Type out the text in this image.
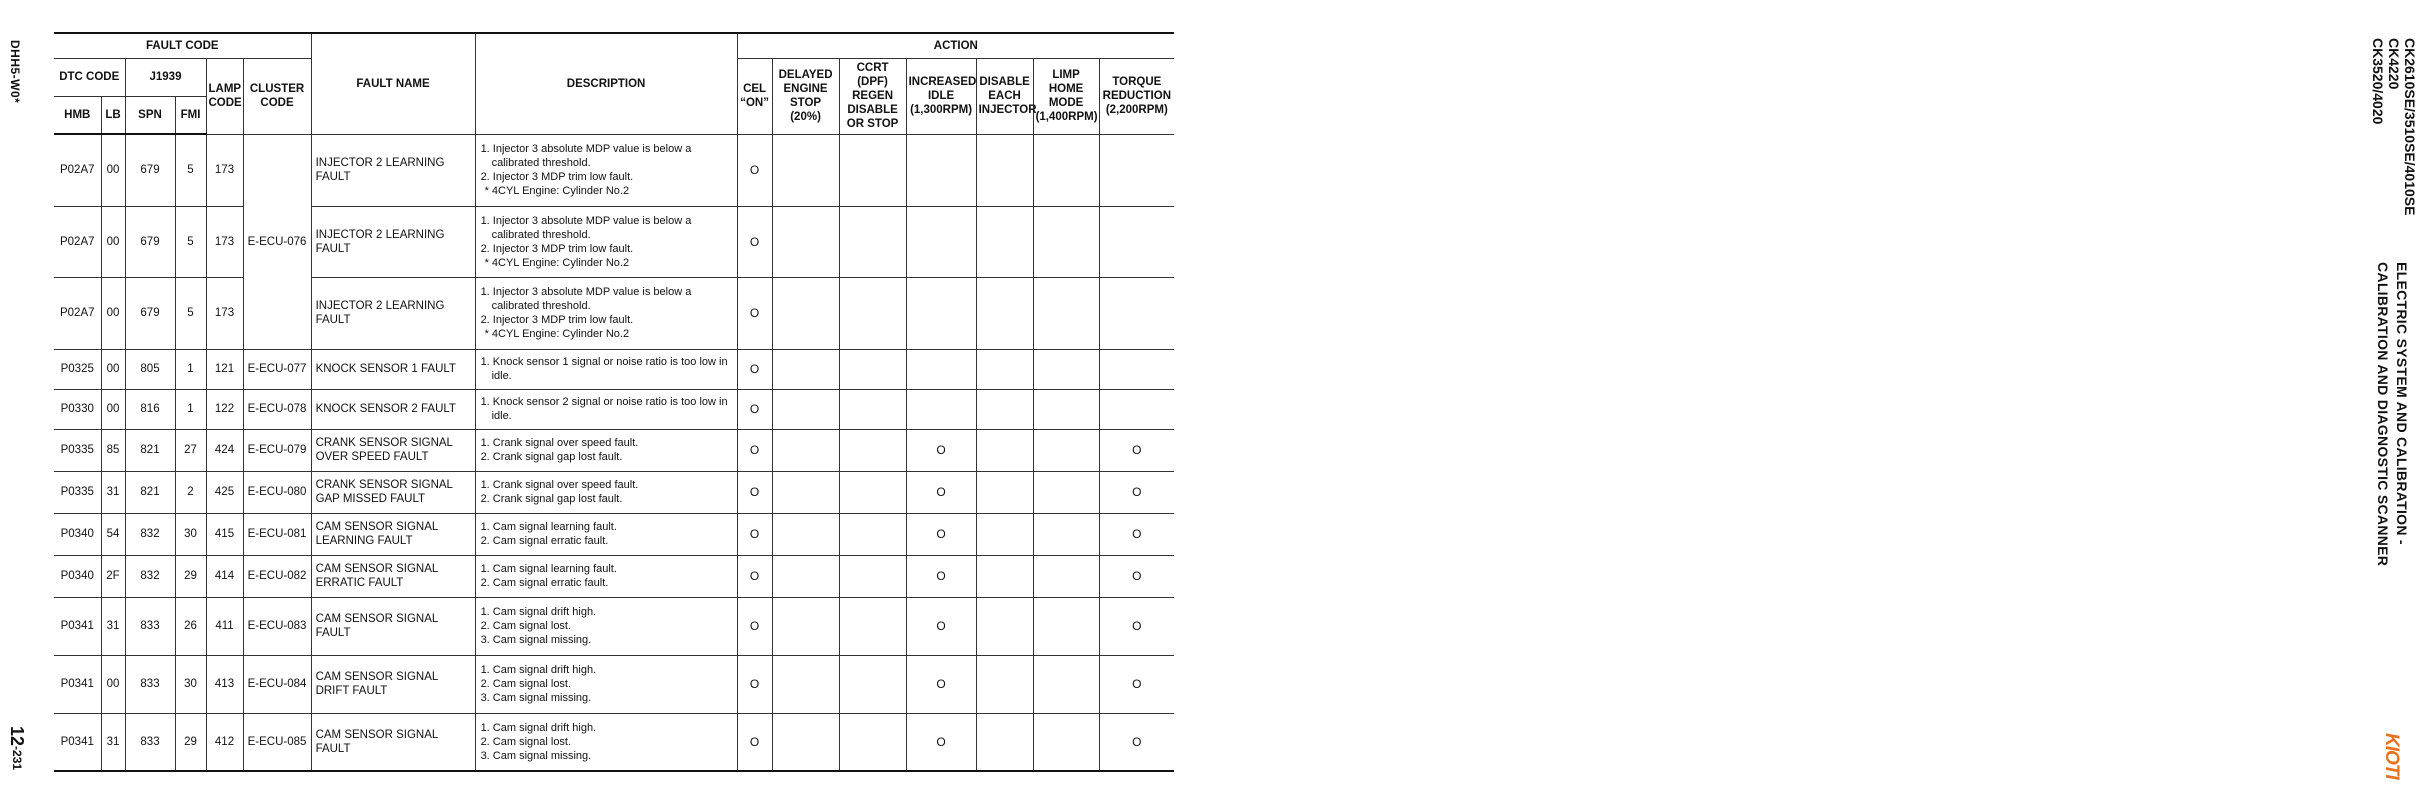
DHH5-W0*
12-231
CK2610SE/3510SE/4010SE
CK4220
CK3520/4020
ELECTRIC SYSTEM AND CALIBRATION -
CALIBRATION AND DIAGNOSTIC SCANNER
KIOTI
FAULT CODE						FAULT NAME	DESCRIPTION	ACTION						
DTC CODE		J1939		LAMP CODE	CLUSTER CODE			CEL “ON”	DELAYED ENGINE STOP (20%)	CCRT (DPF) REGEN DISABLE OR STOP	INCREASED IDLE (1,300RPM)	DISABLE EACH INJECTOR	LIMP HOME MODE (1,400RPM)	TORQUE REDUCTION (2,200RPM)
HMB	LB	SPN	FMI											
P02A7	00	679	5	173	E-ECU-076	INJECTOR 2 LEARNING FAULT	1. Injector 3 absolute MDP value is below a calibrated threshold.
2. Injector 3 MDP trim low fault.
* 4CYL Engine: Cylinder No.2	O						
P02A7	00	679	5	173		INJECTOR 2 LEARNING FAULT	1. Injector 3 absolute MDP value is below a calibrated threshold.
2. Injector 3 MDP trim low fault.
* 4CYL Engine: Cylinder No.2	O						
P02A7	00	679	5	173		INJECTOR 2 LEARNING FAULT	1. Injector 3 absolute MDP value is below a calibrated threshold.
2. Injector 3 MDP trim low fault.
* 4CYL Engine: Cylinder No.2	O						
P0325	00	805	1	121	E-ECU-077	KNOCK SENSOR 1 FAULT	1. Knock sensor 1 signal or noise ratio is too low in idle.	O						
P0330	00	816	1	122	E-ECU-078	KNOCK SENSOR 2 FAULT	1. Knock sensor 2 signal or noise ratio is too low in idle.	O						
P0335	85	821	27	424	E-ECU-079	CRANK SENSOR SIGNAL OVER SPEED FAULT	1. Crank signal over speed fault.
2. Crank signal gap lost fault.	O			O			O
P0335	31	821	2	425	E-ECU-080	CRANK SENSOR SIGNAL GAP MISSED FAULT	1. Crank signal over speed fault.
2. Crank signal gap lost fault.	O			O			O
P0340	54	832	30	415	E-ECU-081	CAM SENSOR SIGNAL LEARNING FAULT	1. Cam signal learning fault.
2. Cam signal erratic fault.	O			O			O
P0340	2F	832	29	414	E-ECU-082	CAM SENSOR SIGNAL ERRATIC FAULT	1. Cam signal learning fault.
2. Cam signal erratic fault.	O			O			O
P0341	31	833	26	411	E-ECU-083	CAM SENSOR SIGNAL FAULT	1. Cam signal drift high.
2. Cam signal lost.
3. Cam signal missing.	O			O			O
P0341	00	833	30	413	E-ECU-084	CAM SENSOR SIGNAL DRIFT FAULT	1. Cam signal drift high.
2. Cam signal lost.
3. Cam signal missing.	O			O			O
P0341	31	833	29	412	E-ECU-085	CAM SENSOR SIGNAL FAULT	1. Cam signal drift high.
2. Cam signal lost.
3. Cam signal missing.	O			O			O
